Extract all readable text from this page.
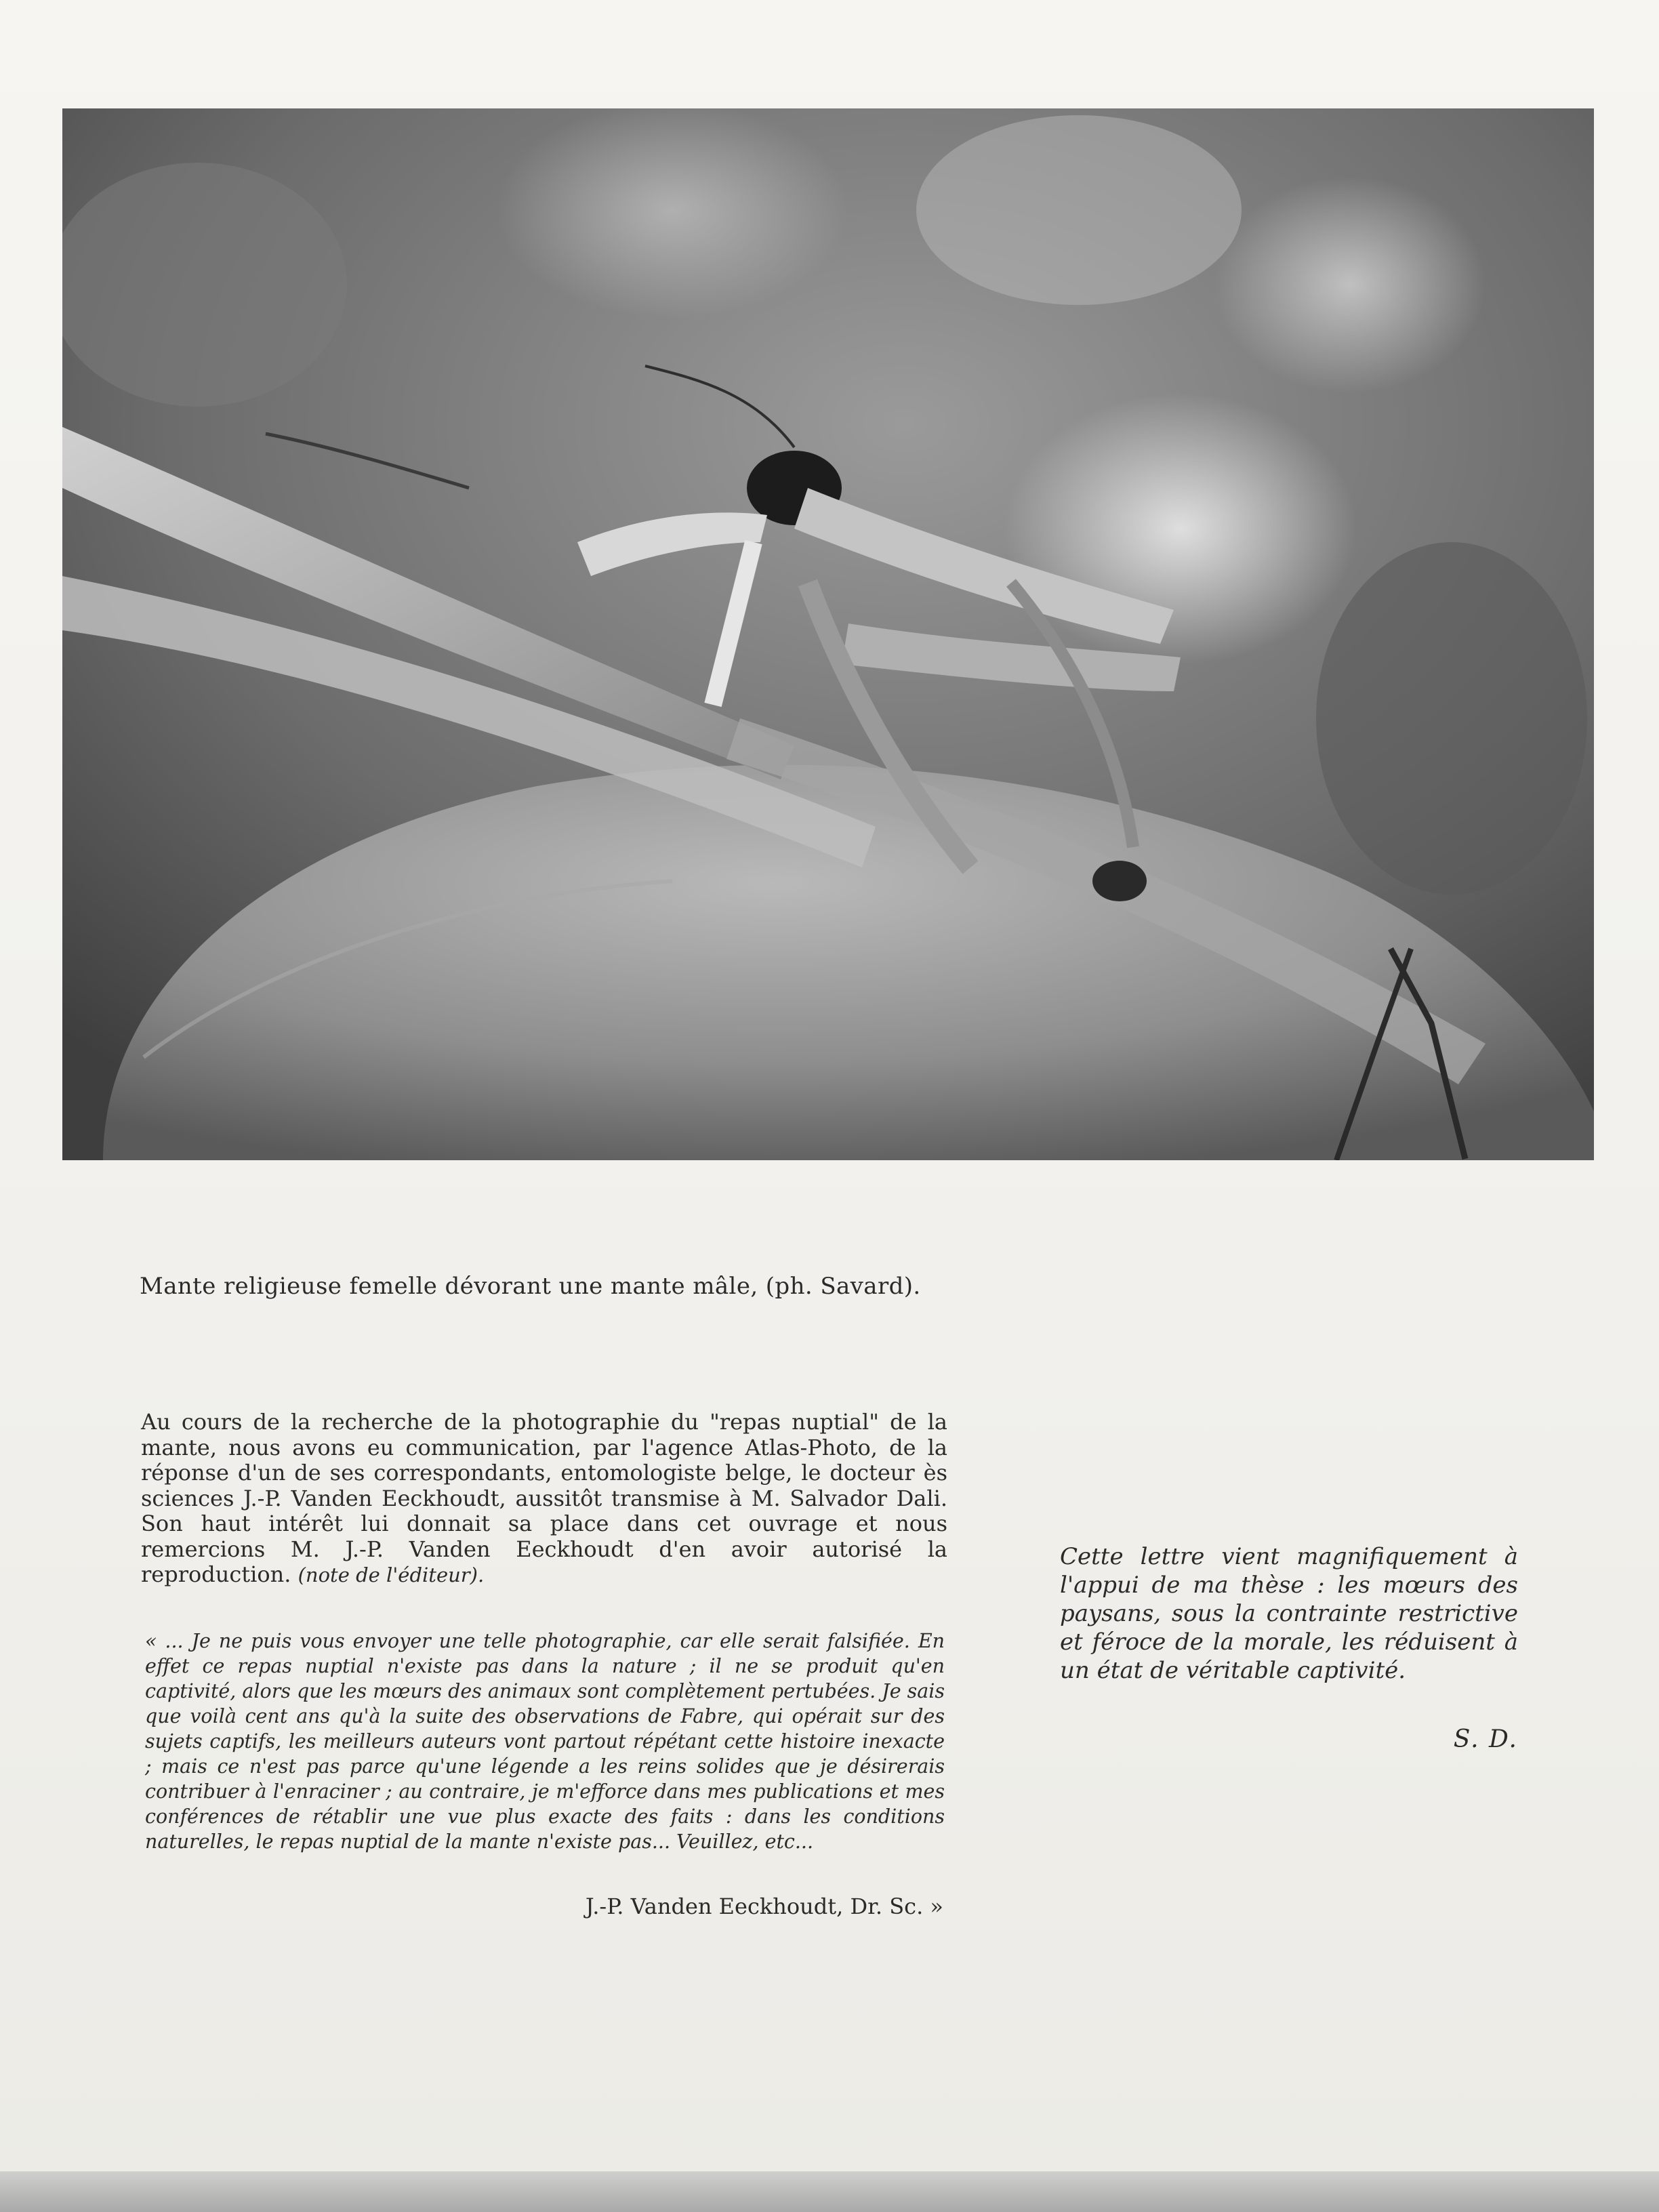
Mante religieuse femelle dévorant une mante mâle, (ph. Savard).
Au cours de la recherche de la photographie du "repas nuptial" de la mante, nous avons eu communication, par l'agence Atlas-Photo, de la réponse d'un de ses correspondants, entomologiste belge, le docteur ès sciences J.-P. Vanden Eeckhoudt, aussitôt transmise à M. Salvador Dali. Son haut intérêt lui donnait sa place dans cet ouvrage et nous remercions M. J.-P. Vanden Eeckhoudt d'en avoir autorisé la reproduction. (note de l'éditeur).
« ... Je ne puis vous envoyer une telle photographie, car elle serait falsifiée. En effet ce repas nuptial n'existe pas dans la nature ; il ne se produit qu'en captivité, alors que les mœurs des animaux sont complètement pertubées. Je sais que voilà cent ans qu'à la suite des observations de Fabre, qui opérait sur des sujets captifs, les meilleurs auteurs vont partout répétant cette histoire inexacte ; mais ce n'est pas parce qu'une légende a les reins solides que je désirerais contribuer à l'enraciner ; au contraire, je m'efforce dans mes publications et mes conférences de rétablir une vue plus exacte des faits : dans les conditions naturelles, le repas nuptial de la mante n'existe pas... Veuillez, etc...
J.-P. Vanden Eeckhoudt, Dr. Sc. »
Cette lettre vient magnifiquement à l'appui de ma thèse : les mœurs des paysans, sous la contrainte restrictive et féroce de la morale, les réduisent à un état de véritable captivité.
S. D.
